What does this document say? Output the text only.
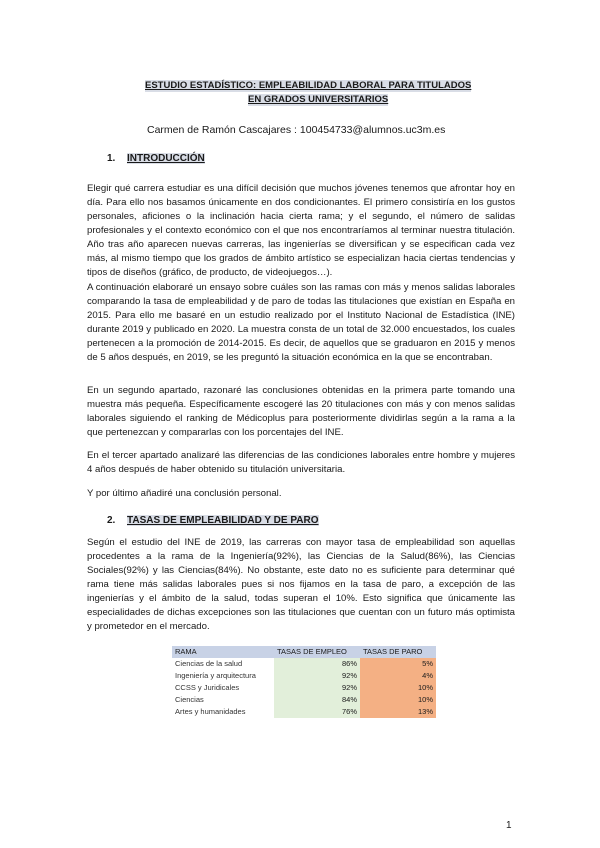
ESTUDIO ESTADÍSTICO: EMPLEABILIDAD LABORAL PARA TITULADOS
EN GRADOS UNIVERSITARIOS
Carmen de Ramón Cascajares : 100454733@alumnos.uc3m.es
1. INTRODUCCIÓN

Elegir qué carrera estudiar es una difícil decisión que muchos jóvenes tenemos que afrontar hoy en día. Para ello nos basamos únicamente en dos condicionantes. El primero consistiría en los gustos personales, aficiones o la inclinación hacia cierta rama; y el segundo, el número de salidas profesionales y el contexto económico con el que nos encontraríamos al terminar nuestra titulación. Año tras año aparecen nuevas carreras, las ingenierías se diversifican y se especifican cada vez más, al mismo tiempo que los grados de ámbito artístico se especializan hacia ciertas tendencias y tipos de diseños (gráfico, de producto, de videojuegos…).

A continuación elaboraré un ensayo sobre cuáles son las ramas con más y menos salidas laborales comparando la tasa de empleabilidad y de paro de todas las titulaciones que existían en España en 2015. Para ello me basaré en un estudio realizado por el Instituto Nacional de Estadística (INE) durante 2019 y publicado en 2020. La muestra consta de un total de 32.000 encuestados, los cuales pertenecen a la promoción de 2014-2015. Es decir, de aquellos que se graduaron en 2015 y menos de 5 años después, en 2019, se les preguntó la situación económica en la que se encontraban.

En un segundo apartado, razonaré las conclusiones obtenidas en la primera parte tomando una muestra más pequeña. Específicamente escogeré las 20 titulaciones con más y con menos salidas laborales siguiendo el ranking de Médicoplus para posteriormente dividirlas según a la rama a la que pertenezcan y compararlas con los porcentajes del INE.

En el tercer apartado analizaré las diferencias de las condiciones laborales entre hombre y mujeres 4 años después de haber obtenido su titulación universitaria.

Y por último añadiré una conclusión personal.

2. TASAS DE EMPLEABILIDAD Y DE PARO

Según el estudio del INE de 2019, las carreras con mayor tasa de empleabilidad son aquellas procedentes a la rama de la Ingeniería(92%), las Ciencias de la Salud(86%), las Ciencias Sociales(92%) y las Ciencias(84%). No obstante, este dato no es suficiente para determinar qué rama tiene más salidas laborales pues si nos fijamos en la tasa de paro, a excepción de las ingenierías y el ámbito de la salud, todas superan el 10%. Esto significa que únicamente las especialidades de dichas excepciones son las titulaciones que cuentan con un futuro más optimista y prometedor en el mercado.

RAMA	TASAS DE EMPLEO	TASAS DE PARO
Ciencias de la salud	86%	5%
Ingeniería y arquitectura	92%	4%
CCSS y Juridicales	92%	10%
Ciencias	84%	10%
Artes y humanidades	76%	13%
1
